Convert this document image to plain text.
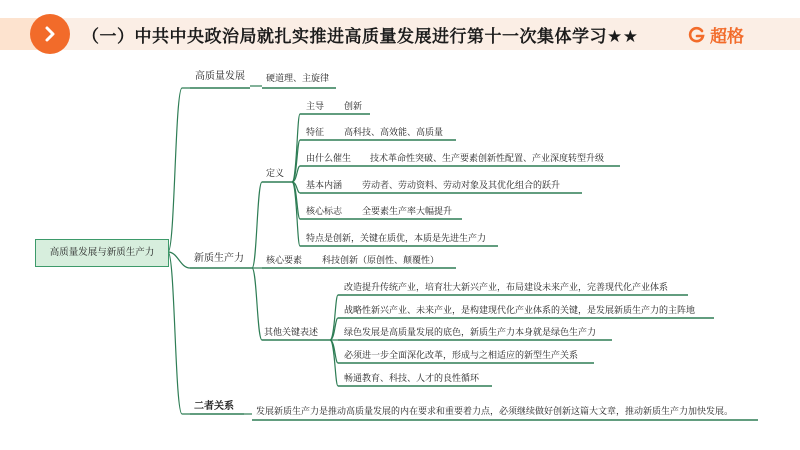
（一）中共中央政治局就扎实推进高质量发展进行第十一次集体学习★★	超格
高质量发展与新质生产力
高质量发展 硬道理、主旋律
新质生产力
定义
主导 创新
特征 高科技、高效能、高质量
由什么催生 技术革命性突破、生产要素创新性配置、产业深度转型升级
基本内涵 劳动者、劳动资料、劳动对象及其优化组合的跃升
核心标志 全要素生产率大幅提升
特点是创新，关键在质优，本质是先进生产力
核心要素 科技创新（原创性、颠覆性）
其他关键表述
改造提升传统产业，培育壮大新兴产业，布局建设未来产业，完善现代化产业体系
战略性新兴产业、未来产业，是构建现代化产业体系的关键，是发展新质生产力的主阵地
绿色发展是高质量发展的底色，新质生产力本身就是绿色生产力
必须进一步全面深化改革，形成与之相适应的新型生产关系
畅通教育、科技、人才的良性循环
二者关系 发展新质生产力是推动高质量发展的内在要求和重要着力点，必须继续做好创新这篇大文章，推动新质生产力加快发展。
